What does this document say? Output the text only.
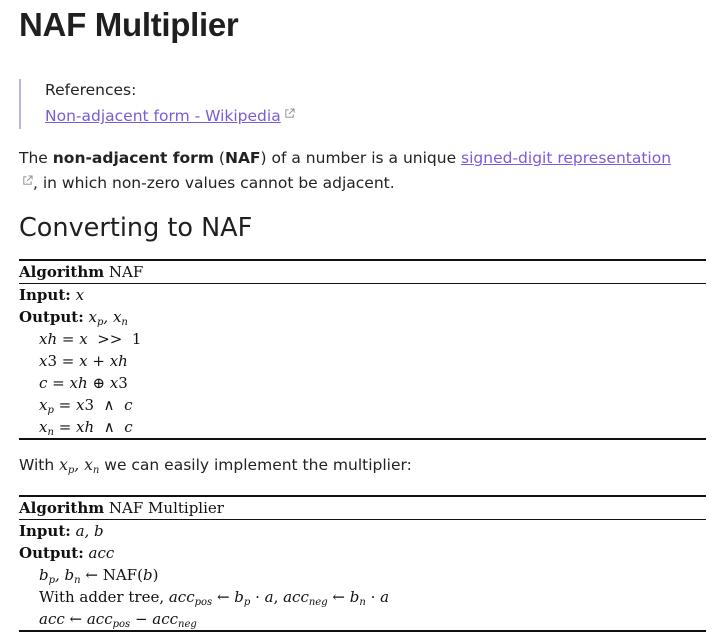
NAF Multiplier
References:
Non-adjacent form - Wikipedia
The non-adjacent form (NAF) of a number is a unique signed-digit representation, in which non-zero values cannot be adjacent.
Converting to NAF
Algorithm NAF
Input: x
Output: $x_p$, $x_n$
xh = x  >>  1
x3 = x + xh
c = xh ⊕ x3
$x_p = x3$  ∧  c
$x_n$ = xh  ∧  c
With $x_p$, $x_n$ we can easily implement the multiplier:
Algorithm NAF Multiplier
Input: a, b
Output: acc
$b_p$, $b_n$ ← NAF(b)
With adder tree, acc$_{pos}$ ← $b_p \cdot a$, acc$_{neg}$ ← $b_n \cdot a$
acc ← acc$_{pos}$ − acc$_{neg}$
